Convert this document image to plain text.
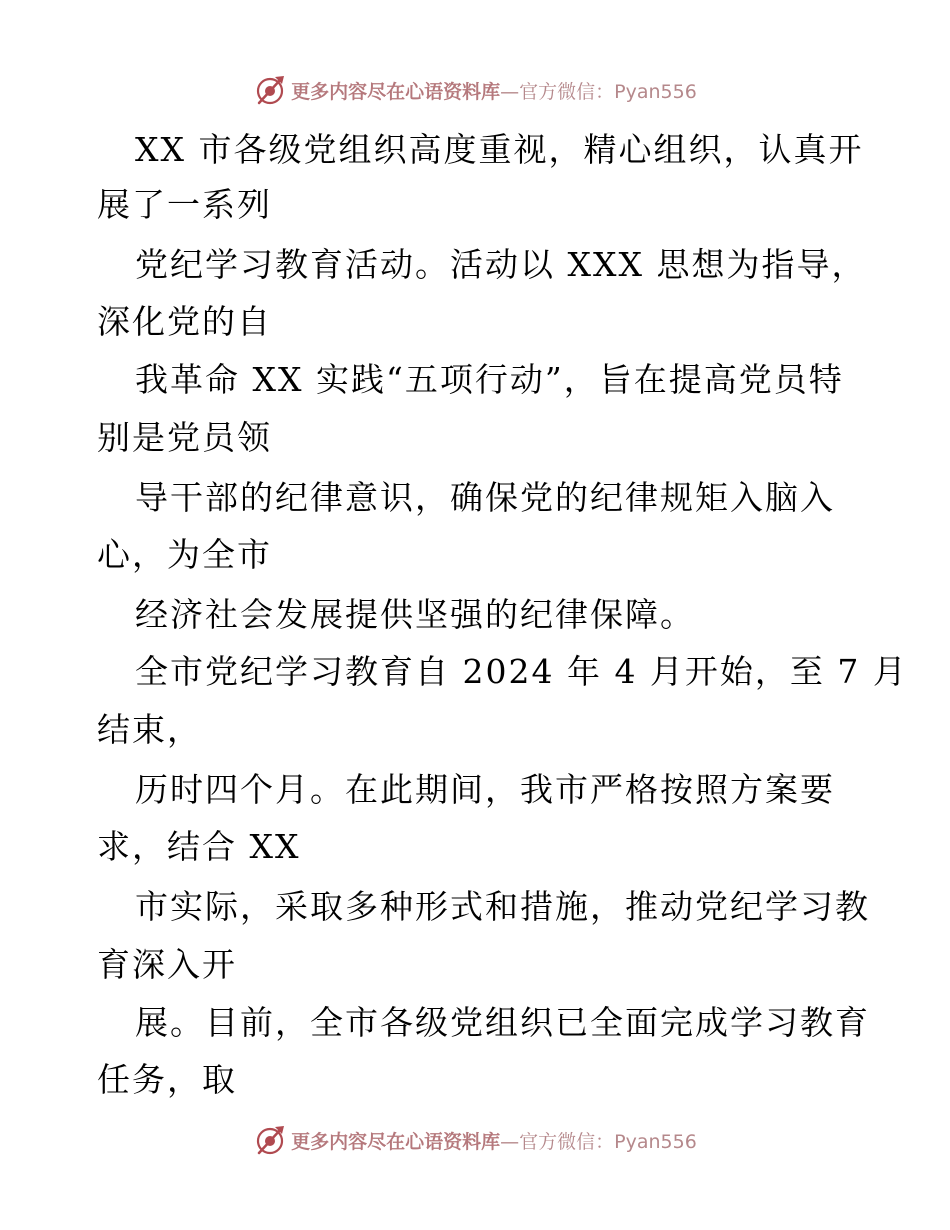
更多内容尽在心语资料库—官方微信：Pyan556
XX 市各级党组织高度重视，精心组织，认真开
展了一系列
党纪学习教育活动。活动以 XXX 思想为指导，
深化党的自
我革命 XX 实践“五项行动”，旨在提高党员特
别是党员领
导干部的纪律意识，确保党的纪律规矩入脑入
心，为全市
经济社会发展提供坚强的纪律保障。
全市党纪学习教育自 2024 年 4 月开始，至 7 月
结束，
历时四个月。在此期间，我市严格按照方案要
求，结合 XX
市实际，采取多种形式和措施，推动党纪学习教
育深入开
展。目前，全市各级党组织已全面完成学习教育
任务，取
更多内容尽在心语资料库—官方微信：Pyan556
